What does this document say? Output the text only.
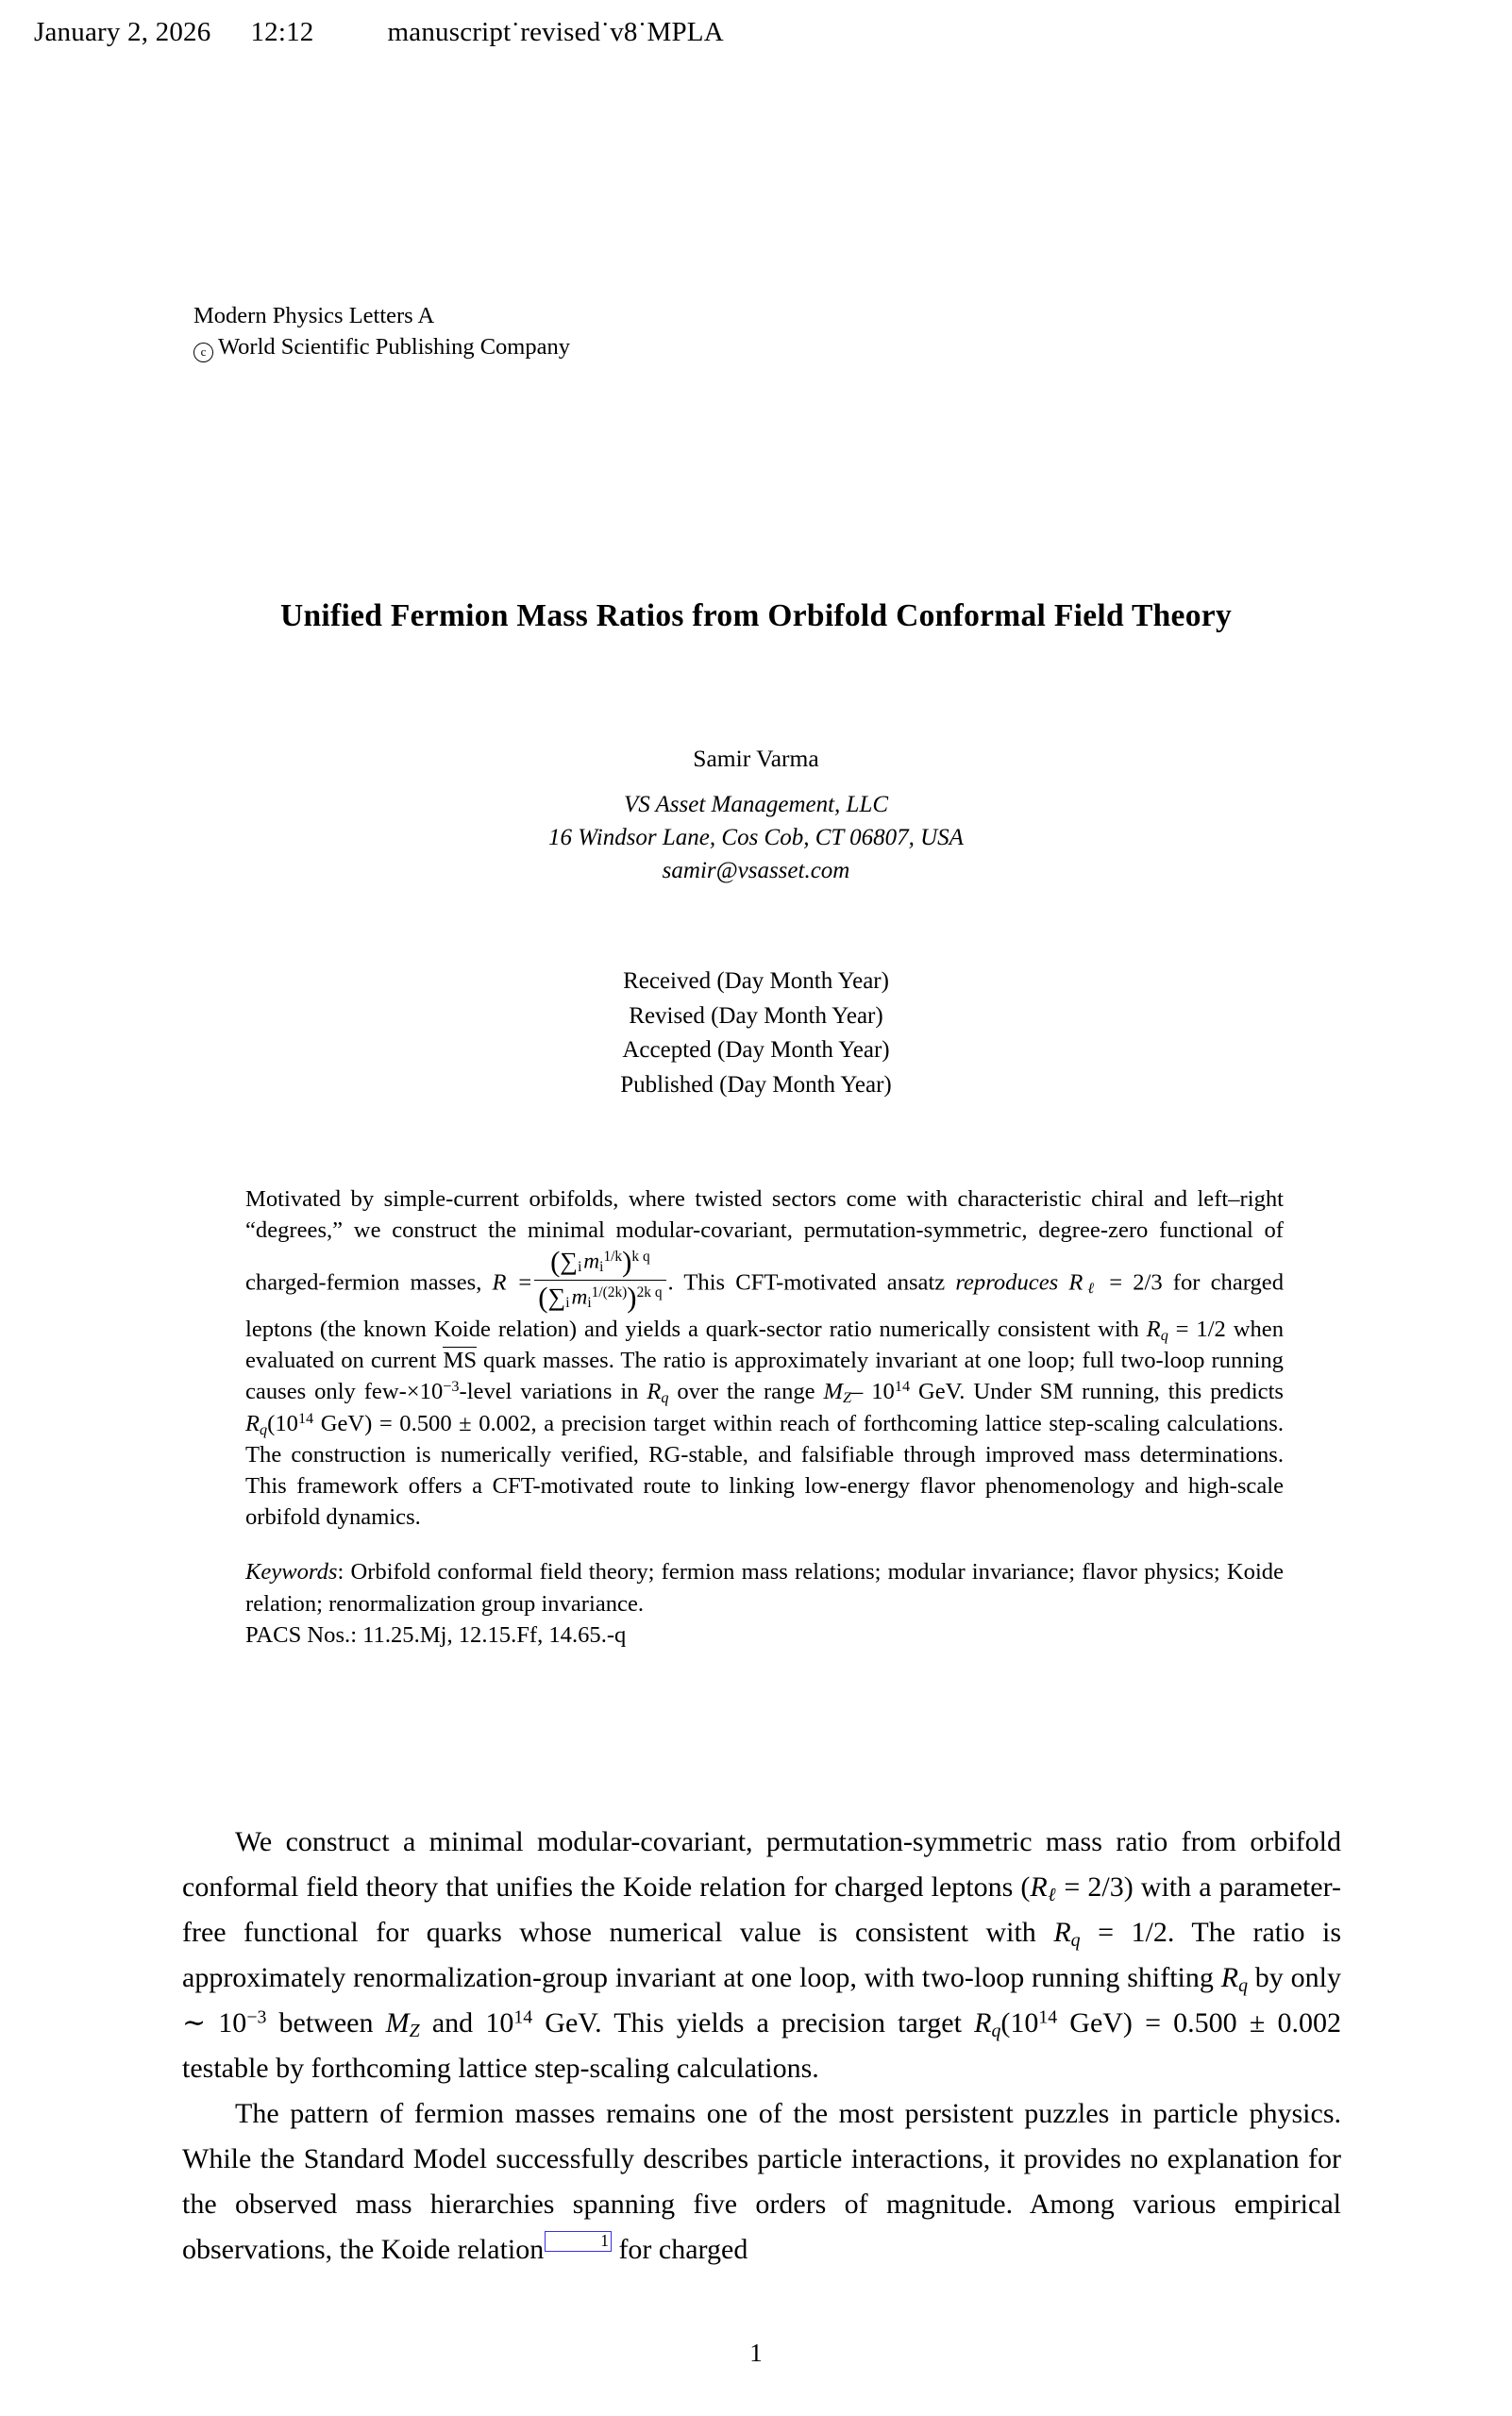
January 2, 2026 12:12	manuscript˙revised˙v8˙MPLA
Modern Physics Letters A
c World Scientific Publishing Company
Unified Fermion Mass Ratios from Orbifold Conformal Field Theory
Samir Varma
VS Asset Management, LLC
16 Windsor Lane, Cos Cob, CT 06807, USA
samir@vsasset.com
Received (Day Month Year)
Revised (Day Month Year)
Accepted (Day Month Year)
Published (Day Month Year)

Motivated by simple-current orbifolds, where twisted sectors come with characteristic chiral and left–right “degrees,” we construct the minimal modular-covariant, permutation-symmetric, degree-zero functional of charged-fermion masses, $R = \frac{(\sum_i m_i^{1/k})^{k q}}{(\sum_i m_i^{1/(2k)})^{2k q}}$ . This CFT-motivated ansatz reproduces $R_\ell = 2/3$ for charged leptons (the known Koide relation) and yields a quark-sector ratio numerically consistent with $R_q = 1/2$ when evaluated on current MS quark masses. The ratio is approximately invariant at one loop; full two-loop running causes only few-$\times 10^{-3}$-level variations in $R_q$ over the range $M_Z-$ $10^{14}$ GeV. Under SM running, this predicts $R_q(10^{14}$ GeV) = 0.500 ± 0.002, a precision target within reach of forthcoming lattice step-scaling calculations. The construction is numerically verified, RG-stable, and falsifiable through improved mass determinations. This framework offers a CFT-motivated route to linking low-energy flavor phenomenology and high-scale orbifold dynamics.

Keywords: Orbifold conformal field theory; fermion mass relations; modular invariance; flavor physics; Koide relation; renormalization group invariance.

PACS Nos.: 11.25.Mj, 12.15.Ff, 14.65.-q

We construct a minimal modular-covariant, permutation-symmetric mass ratio from orbifold conformal field theory that unifies the Koide relation for charged leptons $(R_\ell = 2/3)$ with a parameter-free functional for quarks whose numerical value is consistent with $R_q = 1/2$. The ratio is approximately renormalization-group invariant at one loop, with two-loop running shifting $R_q$ by only ∼ $10^{-3}$ between $M_Z$ and $10^{14}$ GeV. This yields a precision target $R_q(10^{14}$ GeV) = 0.500 ± 0.002 testable by forthcoming lattice step-scaling calculations.

The pattern of fermion masses remains one of the most persistent puzzles in particle physics. While the Standard Model successfully describes particle interactions, it provides no explanation for the observed mass hierarchies spanning five orders of magnitude. Among various empirical observations, the Koide relation	1 for charged

1
